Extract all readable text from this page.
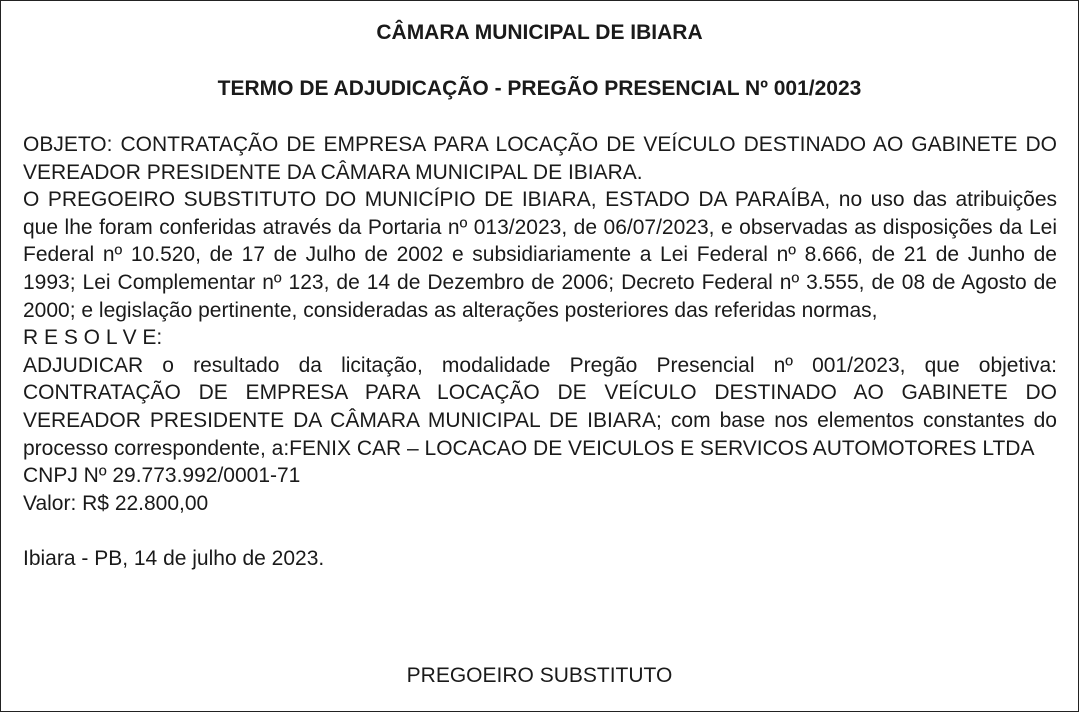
CÂMARA MUNICIPAL DE IBIARA
TERMO DE ADJUDICAÇÃO - PREGÃO PRESENCIAL Nº 001/2023

OBJETO: CONTRATAÇÃO DE EMPRESA PARA LOCAÇÃO DE VEÍCULO DESTINADO AO GABINETE DO VEREADOR PRESIDENTE DA CÂMARA MUNICIPAL DE IBIARA.

O PREGOEIRO SUBSTITUTO DO MUNICÍPIO DE IBIARA, ESTADO DA PARAÍBA, no uso das atribuições que lhe foram conferidas através da Portaria nº 013/2023, de 06/07/2023, e observadas as disposições da Lei Federal nº 10.520, de 17 de Julho de 2002 e subsidiariamente a Lei Federal nº 8.666, de 21 de Junho de 1993; Lei Complementar nº 123, de 14 de Dezembro de 2006; Decreto Federal nº 3.555, de 08 de Agosto de 2000; e legislação pertinente, consideradas as alterações posteriores das referidas normas,

R E S O L V E:

ADJUDICAR o resultado da licitação, modalidade Pregão Presencial nº 001/2023, que objetiva: CONTRATAÇÃO DE EMPRESA PARA LOCAÇÃO DE VEÍCULO DESTINADO AO GABINETE DO VEREADOR PRESIDENTE DA CÂMARA MUNICIPAL DE IBIARA; com base nos elementos constantes do processo correspondente, a:FENIX CAR – LOCACAO DE VEICULOS E SERVICOS AUTOMOTORES LTDA

CNPJ Nº 29.773.992/0001-71

Valor: R$ 22.800,00

Ibiara - PB, 14 de julho de 2023.

PREGOEIRO SUBSTITUTO
